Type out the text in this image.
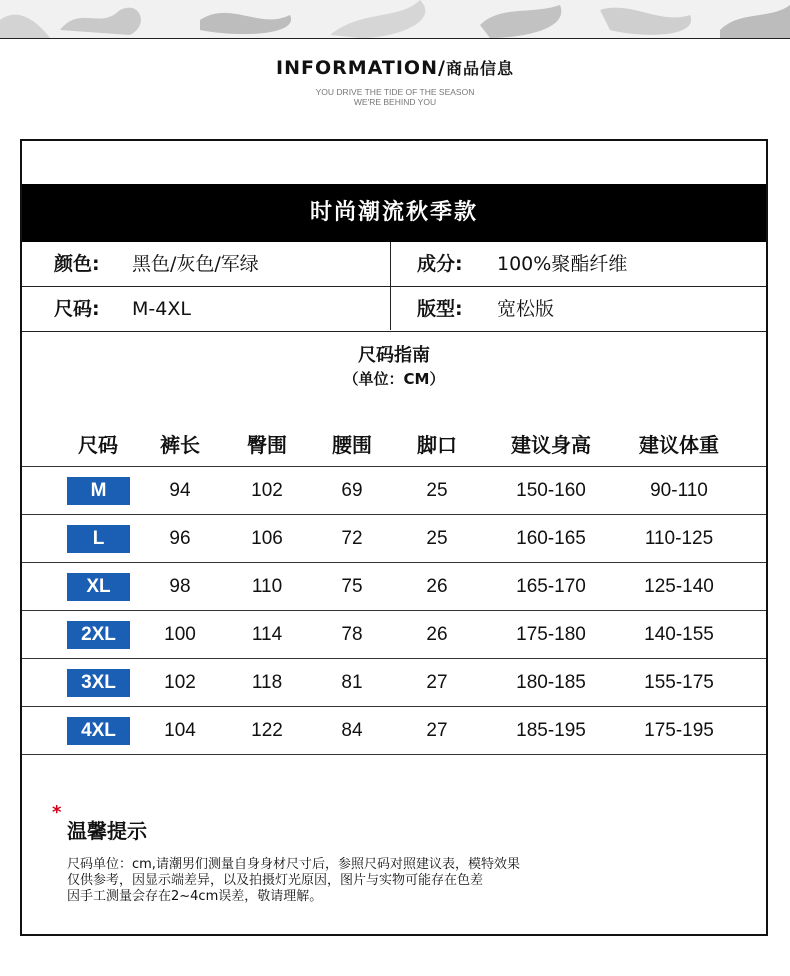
INFORMATION/商品信息
YOU DRIVE THE TIDE OF THE SEASON
WE'RE BEHIND YOU
时尚潮流秋季款
颜色: 黑色/灰色/军绿	成分: 100%聚酯纤维
尺码: M-4XL	版型: 宽松版
尺码指南
（单位：CM）
尺码 裤长 臀围 腰围 脚口	建议身高 建议体重
M	94	102	69	25	150-160	90-110
L	96	106	72	25	160-165	110-125
XL	98	110	75	26	165-170	125-140
2XL	100	114	78	26	175-180	140-155
3XL	102	118	81	27	180-185	155-175
4XL	104	122	84	27	185-195	175-195
*
温馨提示
尺码单位：cm,请潮男们测量自身身材尺寸后，参照尺码对照建议表，模特效果
仅供参考，因显示端差异，以及拍摄灯光原因，图片与实物可能存在色差
因手工测量会存在2~4cm误差，敬请理解。
